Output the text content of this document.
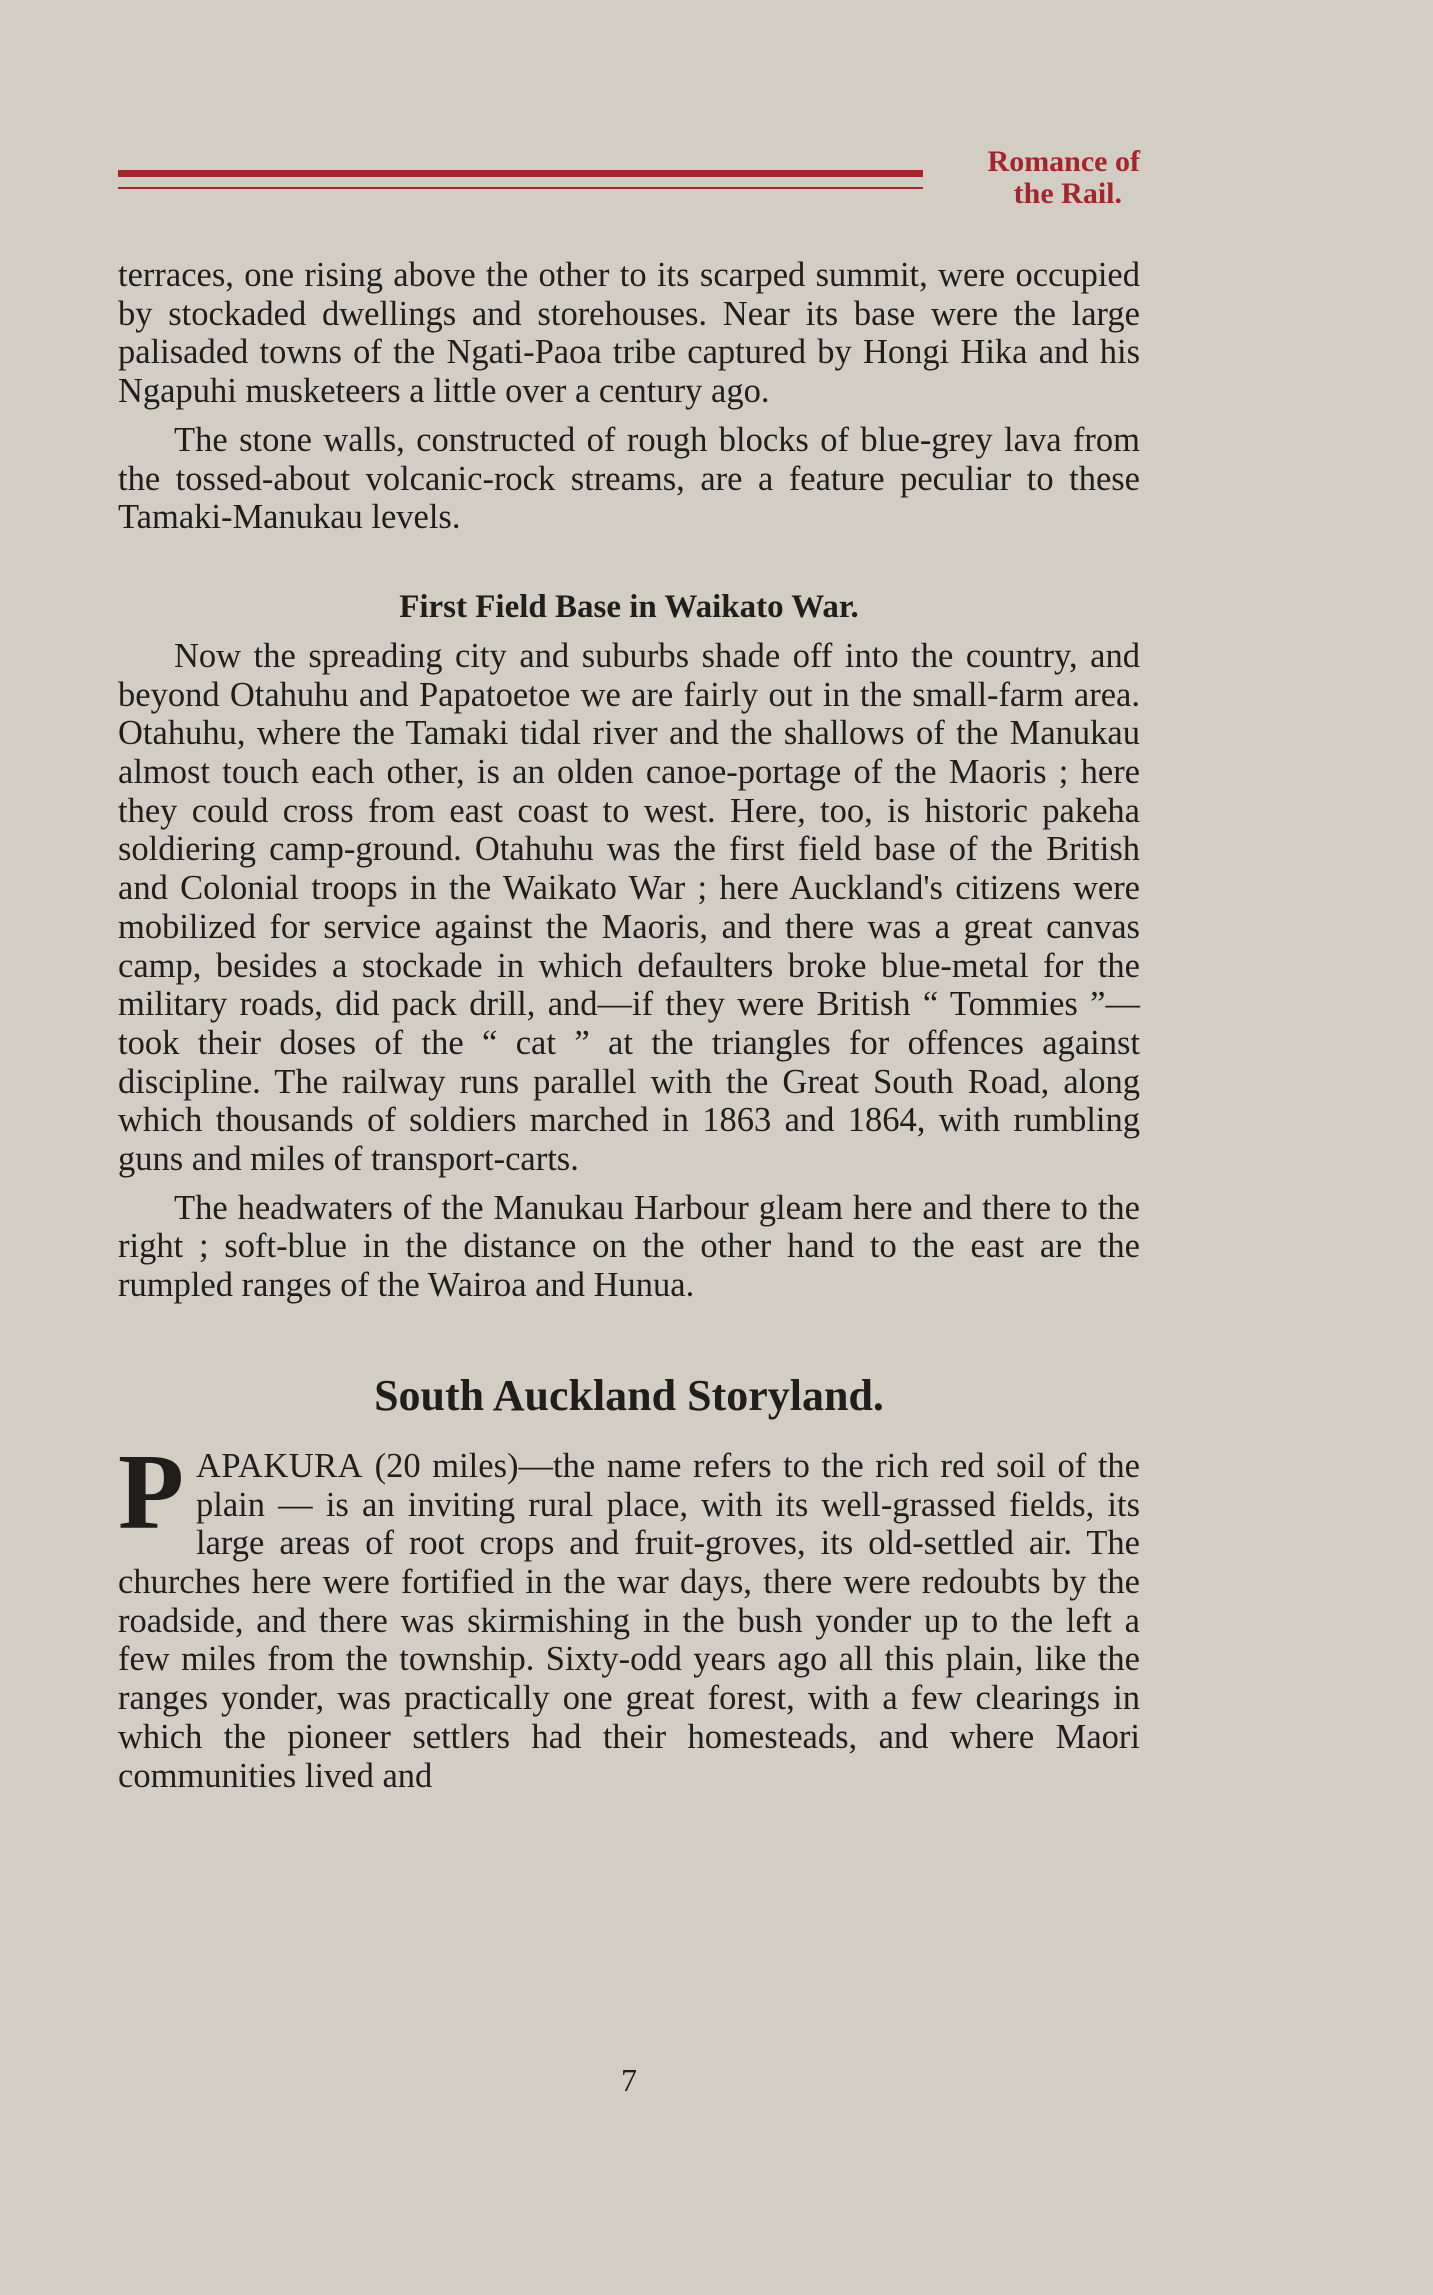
Romance of
the Rail.

terraces, one rising above the other to its scarped summit, were occupied by stockaded dwellings and storehouses. Near its base were the large palisaded towns of the Ngati-Paoa tribe captured by Hongi Hika and his Ngapuhi musketeers a little over a century ago.

The stone walls, constructed of rough blocks of blue-grey lava from the tossed-about volcanic-rock streams, are a feature peculiar to these Tamaki-Manukau levels.

First Field Base in Waikato War.

Now the spreading city and suburbs shade off into the country, and beyond Otahuhu and Papatoetoe we are fairly out in the small-farm area. Otahuhu, where the Tamaki tidal river and the shallows of the Manukau almost touch each other, is an olden canoe-portage of the Maoris ; here they could cross from east coast to west. Here, too, is historic pakeha soldiering camp-ground. Otahuhu was the first field base of the British and Colonial troops in the Waikato War ; here Auckland's citizens were mobilized for service against the Maoris, and there was a great canvas camp, besides a stockade in which defaulters broke blue-metal for the military roads, did pack drill, and—if they were British “ Tommies ”—took their doses of the “ cat ” at the triangles for offences against discipline. The railway runs parallel with the Great South Road, along which thousands of soldiers marched in 1863 and 1864, with rumbling guns and miles of transport-carts.

The headwaters of the Manukau Harbour gleam here and there to the right ; soft-blue in the distance on the other hand to the east are the rumpled ranges of the Wairoa and Hunua.

South Auckland Storyland.

PAPAKURA (20 miles)—the name refers to the rich red soil of the plain — is an inviting rural place, with its well-grassed fields, its large areas of root crops and fruit-groves, its old-settled air. The churches here were fortified in the war days, there were redoubts by the roadside, and there was skirmishing in the bush yonder up to the left a few miles from the township. Sixty-odd years ago all this plain, like the ranges yonder, was practically one great forest, with a few clearings in which the pioneer settlers had their homesteads, and where Maori communities lived and

7
